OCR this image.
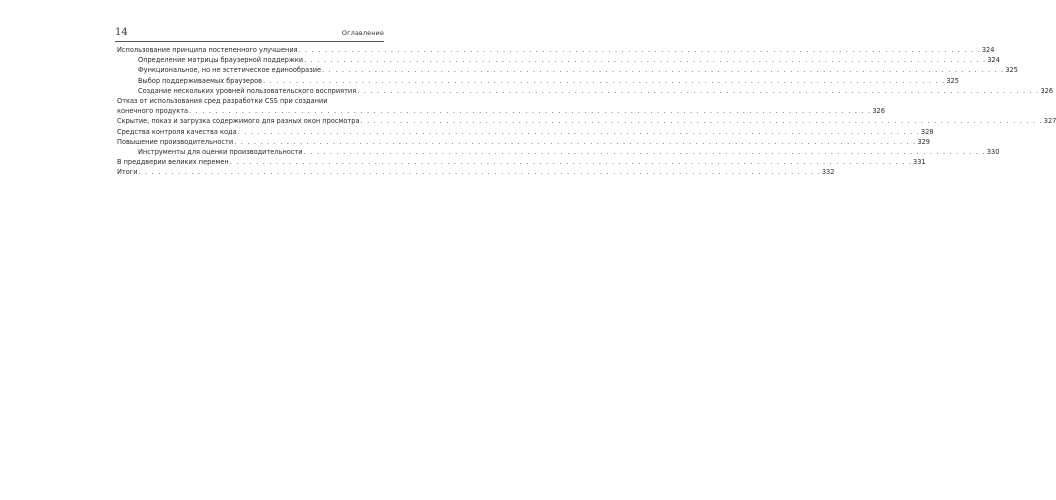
14	Оглавление
Использование принципа постепенного улучшения . . .	324
Определение матрицы браузерной поддержки . . .	324
Функциональное, но не эстетическое единообразие . . .	325
Выбор поддерживаемых браузеров . . .	325
Создание нескольких уровней пользовательского восприятия . . .	326
Отказ от использования сред разработки CSS при создании
конечного продукта . . .	326
Скрытие, показ и загрузка содержимого для разных окон просмотра . . .	327
Средства контроля качества кода . . .	328
Повышение производительности . . .	329
Инструменты для оценки производительности . . .	330
В преддверии великих перемен . . .	331
Итоги . . .	332
